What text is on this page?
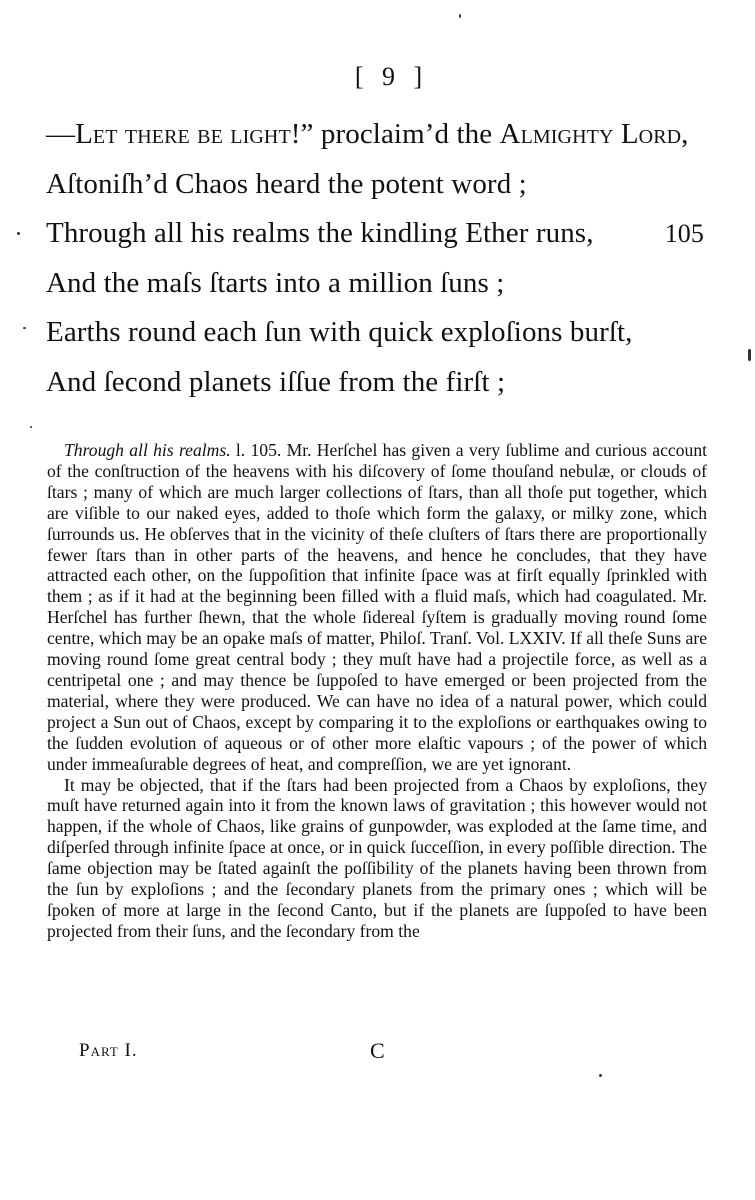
[ 9 ]
—Let there be light!” proclaim’d the Almighty Lord,
Aſtoniſh’d Chaos heard the potent word ;
Through all his realms the kindling Ether runs,	105
And the maſs ſtarts into a million ſuns ;
Earths round each ſun with quick exploſions burſt,
And ſecond planets iſſue from the firſt ;

Through all his realms. l. 105. Mr. Herſchel has given a very ſublime and curious account of the conſtruction of the heavens with his diſcovery of ſome thouſand nebulæ, or clouds of ſtars ; many of which are much larger collections of ſtars, than all thoſe put together, which are viſible to our naked eyes, added to thoſe which form the galaxy, or milky zone, which ſurrounds us. He obſerves that in the vicinity of theſe cluſters of ſtars there are proportionally fewer ſtars than in other parts of the heavens, and hence he concludes, that they have attracted each other, on the ſuppoſition that infinite ſpace was at firſt equally ſprinkled with them ; as if it had at the beginning been filled with a fluid maſs, which had coagulated. Mr. Herſchel has further ſhewn, that the whole ſidereal ſyſtem is gradually moving round ſome centre, which may be an opake maſs of matter, Philoſ. Tranſ. Vol. LXXIV. If all theſe Suns are moving round ſome great central body ; they muſt have had a projectile force, as well as a centripetal one ; and may thence be ſuppoſed to have emerged or been projected from the material, where they were produced. We can have no idea of a natural power, which could project a Sun out of Chaos, except by comparing it to the exploſions or earthquakes owing to the ſudden evolution of aqueous or of other more elaſtic vapours ; of the power of which under immeaſurable degrees of heat, and compreſſion, we are yet ignorant.

It may be objected, that if the ſtars had been projected from a Chaos by exploſions, they muſt have returned again into it from the known laws of gravitation ; this however would not happen, if the whole of Chaos, like grains of gunpowder, was exploded at the ſame time, and diſperſed through infinite ſpace at once, or in quick ſucceſſion, in every poſſible direction. The ſame objection may be ſtated againſt the poſſibility of the planets having been thrown from the ſun by exploſions ; and the ſecondary planets from the primary ones ; which will be ſpoken of more at large in the ſecond Canto, but if the planets are ſuppoſed to have been projected from their ſuns, and the ſecondary from the

Part I.	C
